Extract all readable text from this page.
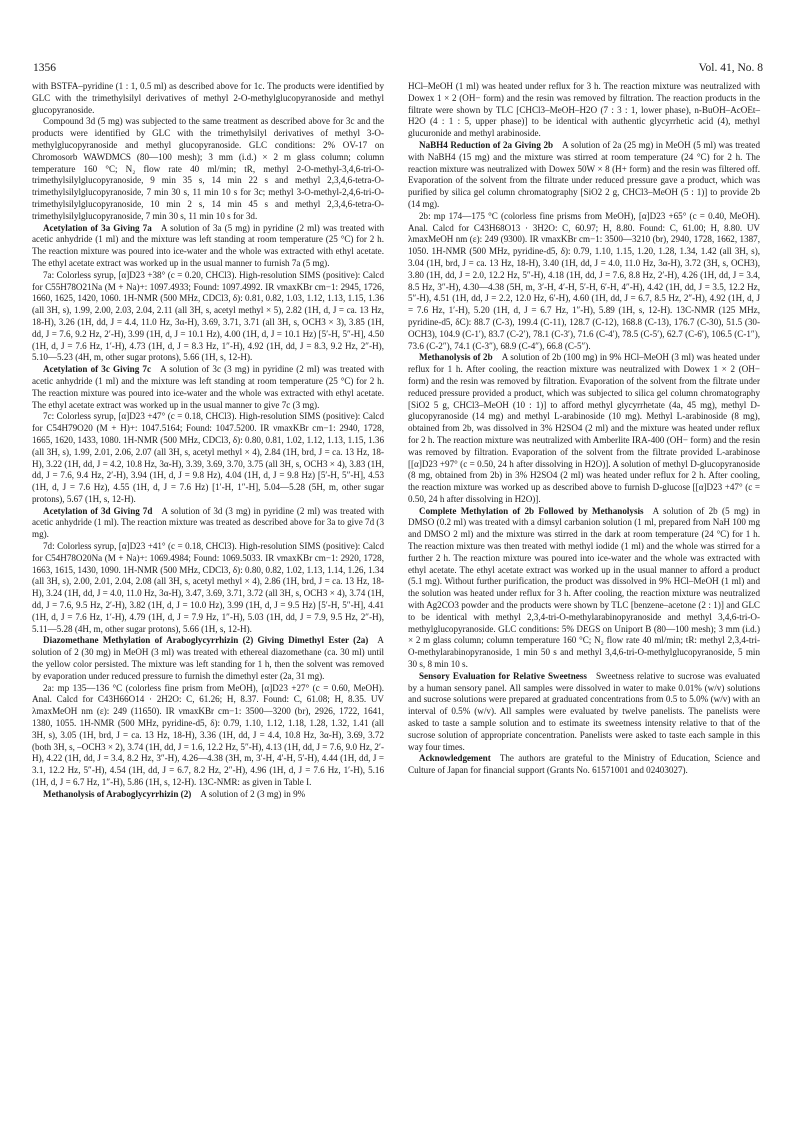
1356	Vol. 41, No. 8

with BSTFA–pyridine (1 : 1, 0.5 ml) as described above for 1c. The products were identified by GLC with the trimethylsilyl derivatives of methyl 2-O-methylglucopyranoside and methyl glucopyranoside.

Compound 3d (5 mg) was subjected to the same treatment as described above for 3c and the products were identified by GLC with the trimethylsilyl derivatives of methyl 3-O-methylglucopyranoside and methyl glucopyranoside. GLC conditions: 2% OV-17 on Chromosorb WAWDMCS (80—100 mesh); 3 mm (i.d.) × 2 m glass column; column temperature 160 °C; N₂ flow rate 40 ml/min; tR, methyl 2-O-methyl-3,4,6-tri-O-trimethylsilylglucopyranoside, 9 min 35 s, 14 min 22 s and methyl 2,3,4,6-tetra-O-trimethylsilylglucopyranoside, 7 min 30 s, 11 min 10 s for 3c; methyl 3-O-methyl-2,4,6-tri-O-trimethylsilylglucopyranoside, 10 min 2 s, 14 min 45 s and methyl 2,3,4,6-tetra-O-trimethylsilylglucopyranoside, 7 min 30 s, 11 min 10 s for 3d.

Acetylation of 3a Giving 7a  A solution of 3a (5 mg) in pyridine (2 ml) was treated with acetic anhydride (1 ml) and the mixture was left standing at room temperature (25 °C) for 2 h. The reaction mixture was poured into ice-water and the whole was extracted with ethyl acetate. The ethyl acetate extract was worked up in the usual manner to furnish 7a (5 mg).

7a: Colorless syrup, [α]D23 +38° (c = 0.20, CHCl3). High-resolution SIMS (positive): Calcd for C55H78O21Na (M + Na)+: 1097.4933; Found: 1097.4992. IR νmaxKBr cm−1: 2945, 1726, 1660, 1625, 1420, 1060. 1H-NMR (500 MHz, CDCl3, δ): 0.81, 0.82, 1.03, 1.12, 1.13, 1.15, 1.36 (all 3H, s), 1.99, 2.00, 2.03, 2.04, 2.11 (all 3H, s, acetyl methyl × 5), 2.82 (1H, d, J = ca. 13 Hz, 18-H), 3.26 (1H, dd, J = 4.4, 11.0 Hz, 3α-H), 3.69, 3.71, 3.71 (all 3H, s, OCH3 × 3), 3.85 (1H, dd, J = 7.6, 9.2 Hz, 2′-H), 3.99 (1H, d, J = 10.1 Hz), 4.00 (1H, d, J = 10.1 Hz) [5′-H, 5″-H], 4.50 (1H, d, J = 7.6 Hz, 1′-H), 4.73 (1H, d, J = 8.3 Hz, 1″-H), 4.92 (1H, dd, J = 8.3, 9.2 Hz, 2″-H), 5.10—5.23 (4H, m, other sugar protons), 5.66 (1H, s, 12-H).

Acetylation of 3c Giving 7c  A solution of 3c (3 mg) in pyridine (2 ml) was treated with acetic anhydride (1 ml) and the mixture was left standing at room temperature (25 °C) for 2 h. The reaction mixture was poured into ice-water and the whole was extracted with ethyl acetate. The ethyl acetate extract was worked up in the usual manner to give 7c (3 mg).

7c: Colorless syrup, [α]D23 +47° (c = 0.18, CHCl3). High-resolution SIMS (positive): Calcd for C54H79O20 (M + H)+: 1047.5164; Found: 1047.5200. IR νmaxKBr cm−1: 2940, 1728, 1665, 1620, 1433, 1080. 1H-NMR (500 MHz, CDCl3, δ): 0.80, 0.81, 1.02, 1.12, 1.13, 1.15, 1.36 (all 3H, s), 1.99, 2.01, 2.06, 2.07 (all 3H, s, acetyl methyl × 4), 2.84 (1H, brd, J = ca. 13 Hz, 18-H), 3.22 (1H, dd, J = 4.2, 10.8 Hz, 3α-H), 3.39, 3.69, 3.70, 3.75 (all 3H, s, OCH3 × 4), 3.83 (1H, dd, J = 7.6, 9.4 Hz, 2′-H), 3.94 (1H, d, J = 9.8 Hz), 4.04 (1H, d, J = 9.8 Hz) [5′-H, 5″-H], 4.53 (1H, d, J = 7.6 Hz), 4.55 (1H, d, J = 7.6 Hz) [1′-H, 1″-H], 5.04—5.28 (5H, m, other sugar protons), 5.67 (1H, s, 12-H).

Acetylation of 3d Giving 7d  A solution of 3d (3 mg) in pyridine (2 ml) was treated with acetic anhydride (1 ml). The reaction mixture was treated as described above for 3a to give 7d (3 mg).

7d: Colorless syrup, [α]D23 +41° (c = 0.18, CHCl3). High-resolution SIMS (positive): Calcd for C54H78O20Na (M + Na)+: 1069.4984; Found: 1069.5033. IR νmaxKBr cm−1: 2920, 1728, 1663, 1615, 1430, 1090. 1H-NMR (500 MHz, CDCl3, δ): 0.80, 0.82, 1.02, 1.13, 1.14, 1.26, 1.34 (all 3H, s), 2.00, 2.01, 2.04, 2.08 (all 3H, s, acetyl methyl × 4), 2.86 (1H, brd, J = ca. 13 Hz, 18-H), 3.24 (1H, dd, J = 4.0, 11.0 Hz, 3α-H), 3.47, 3.69, 3.71, 3.72 (all 3H, s, OCH3 × 4), 3.74 (1H, dd, J = 7.6, 9.5 Hz, 2′-H), 3.82 (1H, d, J = 10.0 Hz), 3.99 (1H, d, J = 9.5 Hz) [5′-H, 5″-H], 4.41 (1H, d, J = 7.6 Hz, 1′-H), 4.79 (1H, d, J = 7.9 Hz, 1″-H), 5.03 (1H, dd, J = 7.9, 9.5 Hz, 2″-H), 5.11—5.28 (4H, m, other sugar protons), 5.66 (1H, s, 12-H).

Diazomethane Methylation of Araboglycyrrhizin (2) Giving Dimethyl Ester (2a)  A solution of 2 (30 mg) in MeOH (3 ml) was treated with ethereal diazomethane (ca. 30 ml) until the yellow color persisted. The mixture was left standing for 1 h, then the solvent was removed by evaporation under reduced pressure to furnish the dimethyl ester (2a, 31 mg).

2a: mp 135—136 °C (colorless fine prism from MeOH), [α]D23 +27° (c = 0.60, MeOH). Anal. Calcd for C43H66O14 · 2H2O: C, 61.26; H, 8.37. Found: C, 61.08; H, 8.35. UV λmaxMeOH nm (ε): 249 (11650). IR νmaxKBr cm−1: 3500—3200 (br), 2926, 1722, 1641, 1380, 1055. 1H-NMR (500 MHz, pyridine-d5, δ): 0.79, 1.10, 1.12, 1.18, 1.28, 1.32, 1.41 (all 3H, s), 3.05 (1H, brd, J = ca. 13 Hz, 18-H), 3.36 (1H, dd, J = 4.4, 10.8 Hz, 3α-H), 3.69, 3.72 (both 3H, s, –OCH3 × 2), 3.74 (1H, dd, J = 1.6, 12.2 Hz, 5″-H), 4.13 (1H, dd, J = 7.6, 9.0 Hz, 2′-H), 4.22 (1H, dd, J = 3.4, 8.2 Hz, 3″-H), 4.26—4.38 (3H, m, 3′-H, 4′-H, 5′-H), 4.44 (1H, dd, J = 3.1, 12.2 Hz, 5″-H), 4.54 (1H, dd, J = 6.7, 8.2 Hz, 2″-H), 4.96 (1H, d, J = 7.6 Hz, 1′-H), 5.16 (1H, d, J = 6.7 Hz, 1″-H), 5.86 (1H, s, 12-H). 13C-NMR: as given in Table I.

Methanolysis of Araboglycyrrhizin (2)  A solution of 2 (3 mg) in 9%

HCl–MeOH (1 ml) was heated under reflux for 3 h. The reaction mixture was neutralized with Dowex 1 × 2 (OH− form) and the resin was removed by filtration. The reaction products in the filtrate were shown by TLC [CHCl3–MeOH–H2O (7 : 3 : 1, lower phase), n-BuOH–AcOEt–H2O (4 : 1 : 5, upper phase)] to be identical with authentic glycyrrhetic acid (4), methyl glucuronide and methyl arabinoside.

NaBH4 Reduction of 2a Giving 2b  A solution of 2a (25 mg) in MeOH (5 ml) was treated with NaBH4 (15 mg) and the mixture was stirred at room temperature (24 °C) for 2 h. The reaction mixture was neutralized with Dowex 50W × 8 (H+ form) and the resin was filtered off. Evaporation of the solvent from the filtrate under reduced pressure gave a product, which was purified by silica gel column chromatography [SiO2 2 g, CHCl3–MeOH (5 : 1)] to provide 2b (14 mg).

2b: mp 174—175 °C (colorless fine prisms from MeOH), [α]D23 +65° (c = 0.40, MeOH). Anal. Calcd for C43H68O13 · 3H2O: C, 60.97; H, 8.80. Found: C, 61.00; H, 8.80. UV λmaxMeOH nm (ε): 249 (9300). IR νmaxKBr cm−1: 3500—3210 (br), 2940, 1728, 1662, 1387, 1050. 1H-NMR (500 MHz, pyridine-d5, δ): 0.79, 1.10, 1.15, 1.20, 1.28, 1.34, 1.42 (all 3H, s), 3.04 (1H, brd, J = ca. 13 Hz, 18-H), 3.40 (1H, dd, J = 4.0, 11.0 Hz, 3α-H), 3.72 (3H, s, OCH3), 3.80 (1H, dd, J = 2.0, 12.2 Hz, 5″-H), 4.18 (1H, dd, J = 7.6, 8.8 Hz, 2′-H), 4.26 (1H, dd, J = 3.4, 8.5 Hz, 3″-H), 4.30—4.38 (5H, m, 3′-H, 4′-H, 5′-H, 6′-H, 4″-H), 4.42 (1H, dd, J = 3.5, 12.2 Hz, 5″-H), 4.51 (1H, dd, J = 2.2, 12.0 Hz, 6′-H), 4.60 (1H, dd, J = 6.7, 8.5 Hz, 2″-H), 4.92 (1H, d, J = 7.6 Hz, 1′-H), 5.20 (1H, d, J = 6.7 Hz, 1″-H), 5.89 (1H, s, 12-H). 13C-NMR (125 MHz, pyridine-d5, δC): 88.7 (C-3), 199.4 (C-11), 128.7 (C-12), 168.8 (C-13), 176.7 (C-30), 51.5 (30-OCH3), 104.9 (C-1′), 83.7 (C-2′), 78.1 (C-3′), 71.6 (C-4′), 78.5 (C-5′), 62.7 (C-6′), 106.5 (C-1″), 73.6 (C-2″), 74.1 (C-3″), 68.9 (C-4″), 66.8 (C-5″).

Methanolysis of 2b  A solution of 2b (100 mg) in 9% HCl–MeOH (3 ml) was heated under reflux for 1 h. After cooling, the reaction mixture was neutralized with Dowex 1 × 2 (OH− form) and the resin was removed by filtration. Evaporation of the solvent from the filtrate under reduced pressure provided a product, which was subjected to silica gel column chromatography [SiO2 5 g, CHCl3–MeOH (10 : 1)] to afford methyl glycyrrhetate (4a, 45 mg), methyl D-glucopyranoside (14 mg) and methyl L-arabinoside (10 mg). Methyl L-arabinoside (8 mg), obtained from 2b, was dissolved in 3% H2SO4 (2 ml) and the mixture was heated under reflux for 2 h. The reaction mixture was neutralized with Amberlite IRA-400 (OH− form) and the resin was removed by filtration. Evaporation of the solvent from the filtrate provided L-arabinose [[α]D23 +97° (c = 0.50, 24 h after dissolving in H2O)]. A solution of methyl D-glucopyranoside (8 mg, obtained from 2b) in 3% H2SO4 (2 ml) was heated under reflux for 2 h. After cooling, the reaction mixture was worked up as described above to furnish D-glucose [[α]D23 +47° (c = 0.50, 24 h after dissolving in H2O)].

Complete Methylation of 2b Followed by Methanolysis  A solution of 2b (5 mg) in DMSO (0.2 ml) was treated with a dimsyl carbanion solution (1 ml, prepared from NaH 100 mg and DMSO 2 ml) and the mixture was stirred in the dark at room temperature (24 °C) for 1 h. The reaction mixture was then treated with methyl iodide (1 ml) and the whole was stirred for a further 2 h. The reaction mixture was poured into ice-water and the whole was extracted with ethyl acetate. The ethyl acetate extract was worked up in the usual manner to afford a product (5.1 mg). Without further purification, the product was dissolved in 9% HCl–MeOH (1 ml) and the solution was heated under reflux for 3 h. After cooling, the reaction mixture was neutralized with Ag2CO3 powder and the products were shown by TLC [benzene–acetone (2 : 1)] and GLC to be identical with methyl 2,3,4-tri-O-methylarabinopyranoside and methyl 3,4,6-tri-O-methylglucopyranoside. GLC conditions: 5% DEGS on Uniport B (80—100 mesh); 3 mm (i.d.) × 2 m glass column; column temperature 160 °C; N₂ flow rate 40 ml/min; tR: methyl 2,3,4-tri-O-methylarabinopyranoside, 1 min 50 s and methyl 3,4,6-tri-O-methylglucopyranoside, 5 min 30 s, 8 min 10 s.

Sensory Evaluation for Relative Sweetness  Sweetness relative to sucrose was evaluated by a human sensory panel. All samples were dissolved in water to make 0.01% (w/v) solutions and sucrose solutions were prepared at graduated concentrations from 0.5 to 5.0% (w/v) with an interval of 0.5% (w/v). All samples were evaluated by twelve panelists. The panelists were asked to taste a sample solution and to estimate its sweetness intensity relative to that of the sucrose solution of appropriate concentration. Panelists were asked to taste each sample in this way four times.

Acknowledgement  The authors are grateful to the Ministry of Education, Science and Culture of Japan for financial support (Grants No. 61571001 and 02403027).
